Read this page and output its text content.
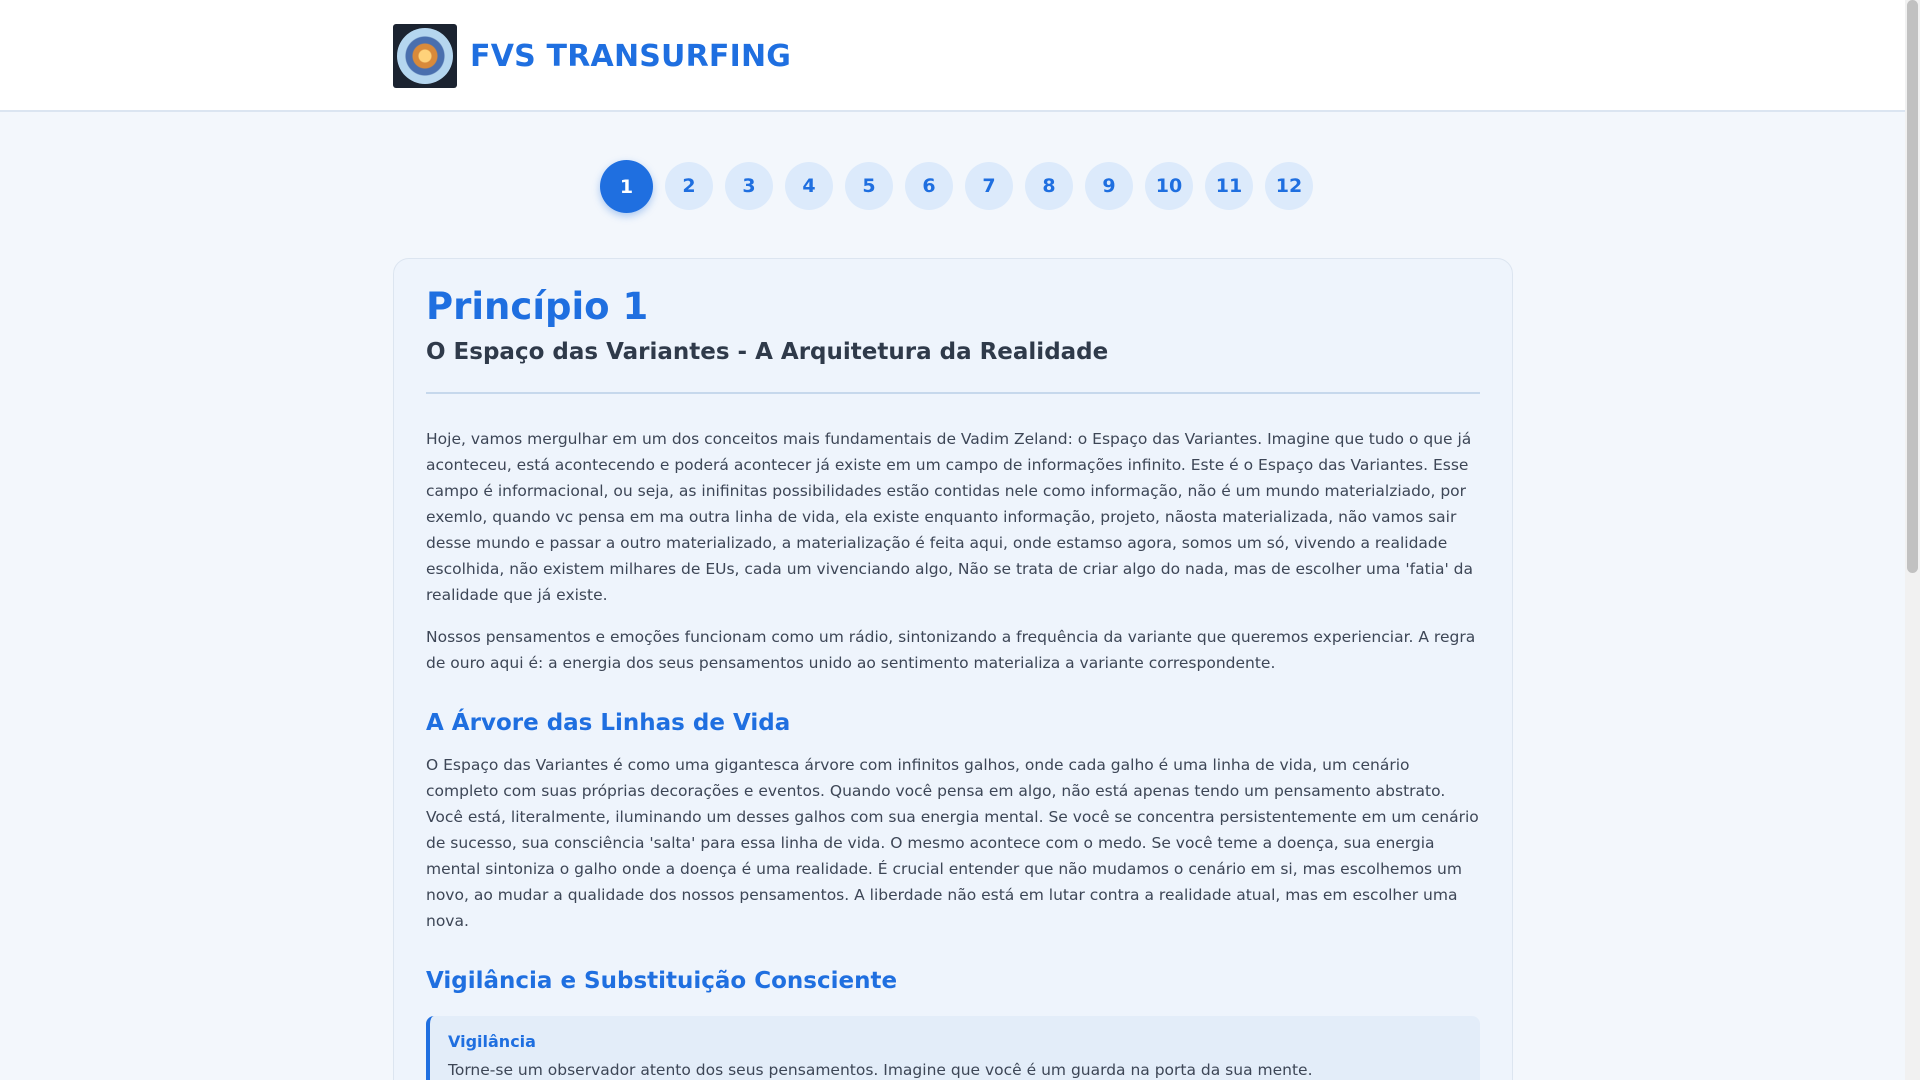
FVS TRANSURFING
1	2	3	4	5	6	7	8	9	10	11	12
Princípio 1
O Espaço das Variantes - A Arquitetura da Realidade

Hoje, vamos mergulhar em um dos conceitos mais fundamentais de Vadim Zeland: o Espaço das Variantes. Imagine que tudo o que já aconteceu, está acontecendo e poderá acontecer já existe em um campo de informações infinito. Este é o Espaço das Variantes. Esse campo é informacional, ou seja, as inifinitas possibilidades estão contidas nele como informação, não é um mundo materialziado, por exemlo, quando vc pensa em ma outra linha de vida, ela existe enquanto informação, projeto, nãosta materializada, não vamos sair desse mundo e passar a outro materializado, a materialização é feita aqui, onde estamso agora, somos um só, vivendo a realidade escolhida, não existem milhares de EUs, cada um vivenciando algo, Não se trata de criar algo do nada, mas de escolher uma 'fatia' da realidade que já existe.

Nossos pensamentos e emoções funcionam como um rádio, sintonizando a frequência da variante que queremos experienciar. A regra de ouro aqui é: a energia dos seus pensamentos unido ao sentimento materializa a variante correspondente.

A Árvore das Linhas de Vida

O Espaço das Variantes é como uma gigantesca árvore com infinitos galhos, onde cada galho é uma linha de vida, um cenário completo com suas próprias decorações e eventos. Quando você pensa em algo, não está apenas tendo um pensamento abstrato. Você está, literalmente, iluminando um desses galhos com sua energia mental. Se você se concentra persistentemente em um cenário de sucesso, sua consciência 'salta' para essa linha de vida. O mesmo acontece com o medo. Se você teme a doença, sua energia mental sintoniza o galho onde a doença é uma realidade. É crucial entender que não mudamos o cenário em si, mas escolhemos um novo, ao mudar a qualidade dos nossos pensamentos. A liberdade não está em lutar contra a realidade atual, mas em escolher uma nova.

Vigilância e Substituição Consciente
Vigilância
Torne-se um observador atento dos seus pensamentos. Imagine que você é um guarda na porta da sua mente.
